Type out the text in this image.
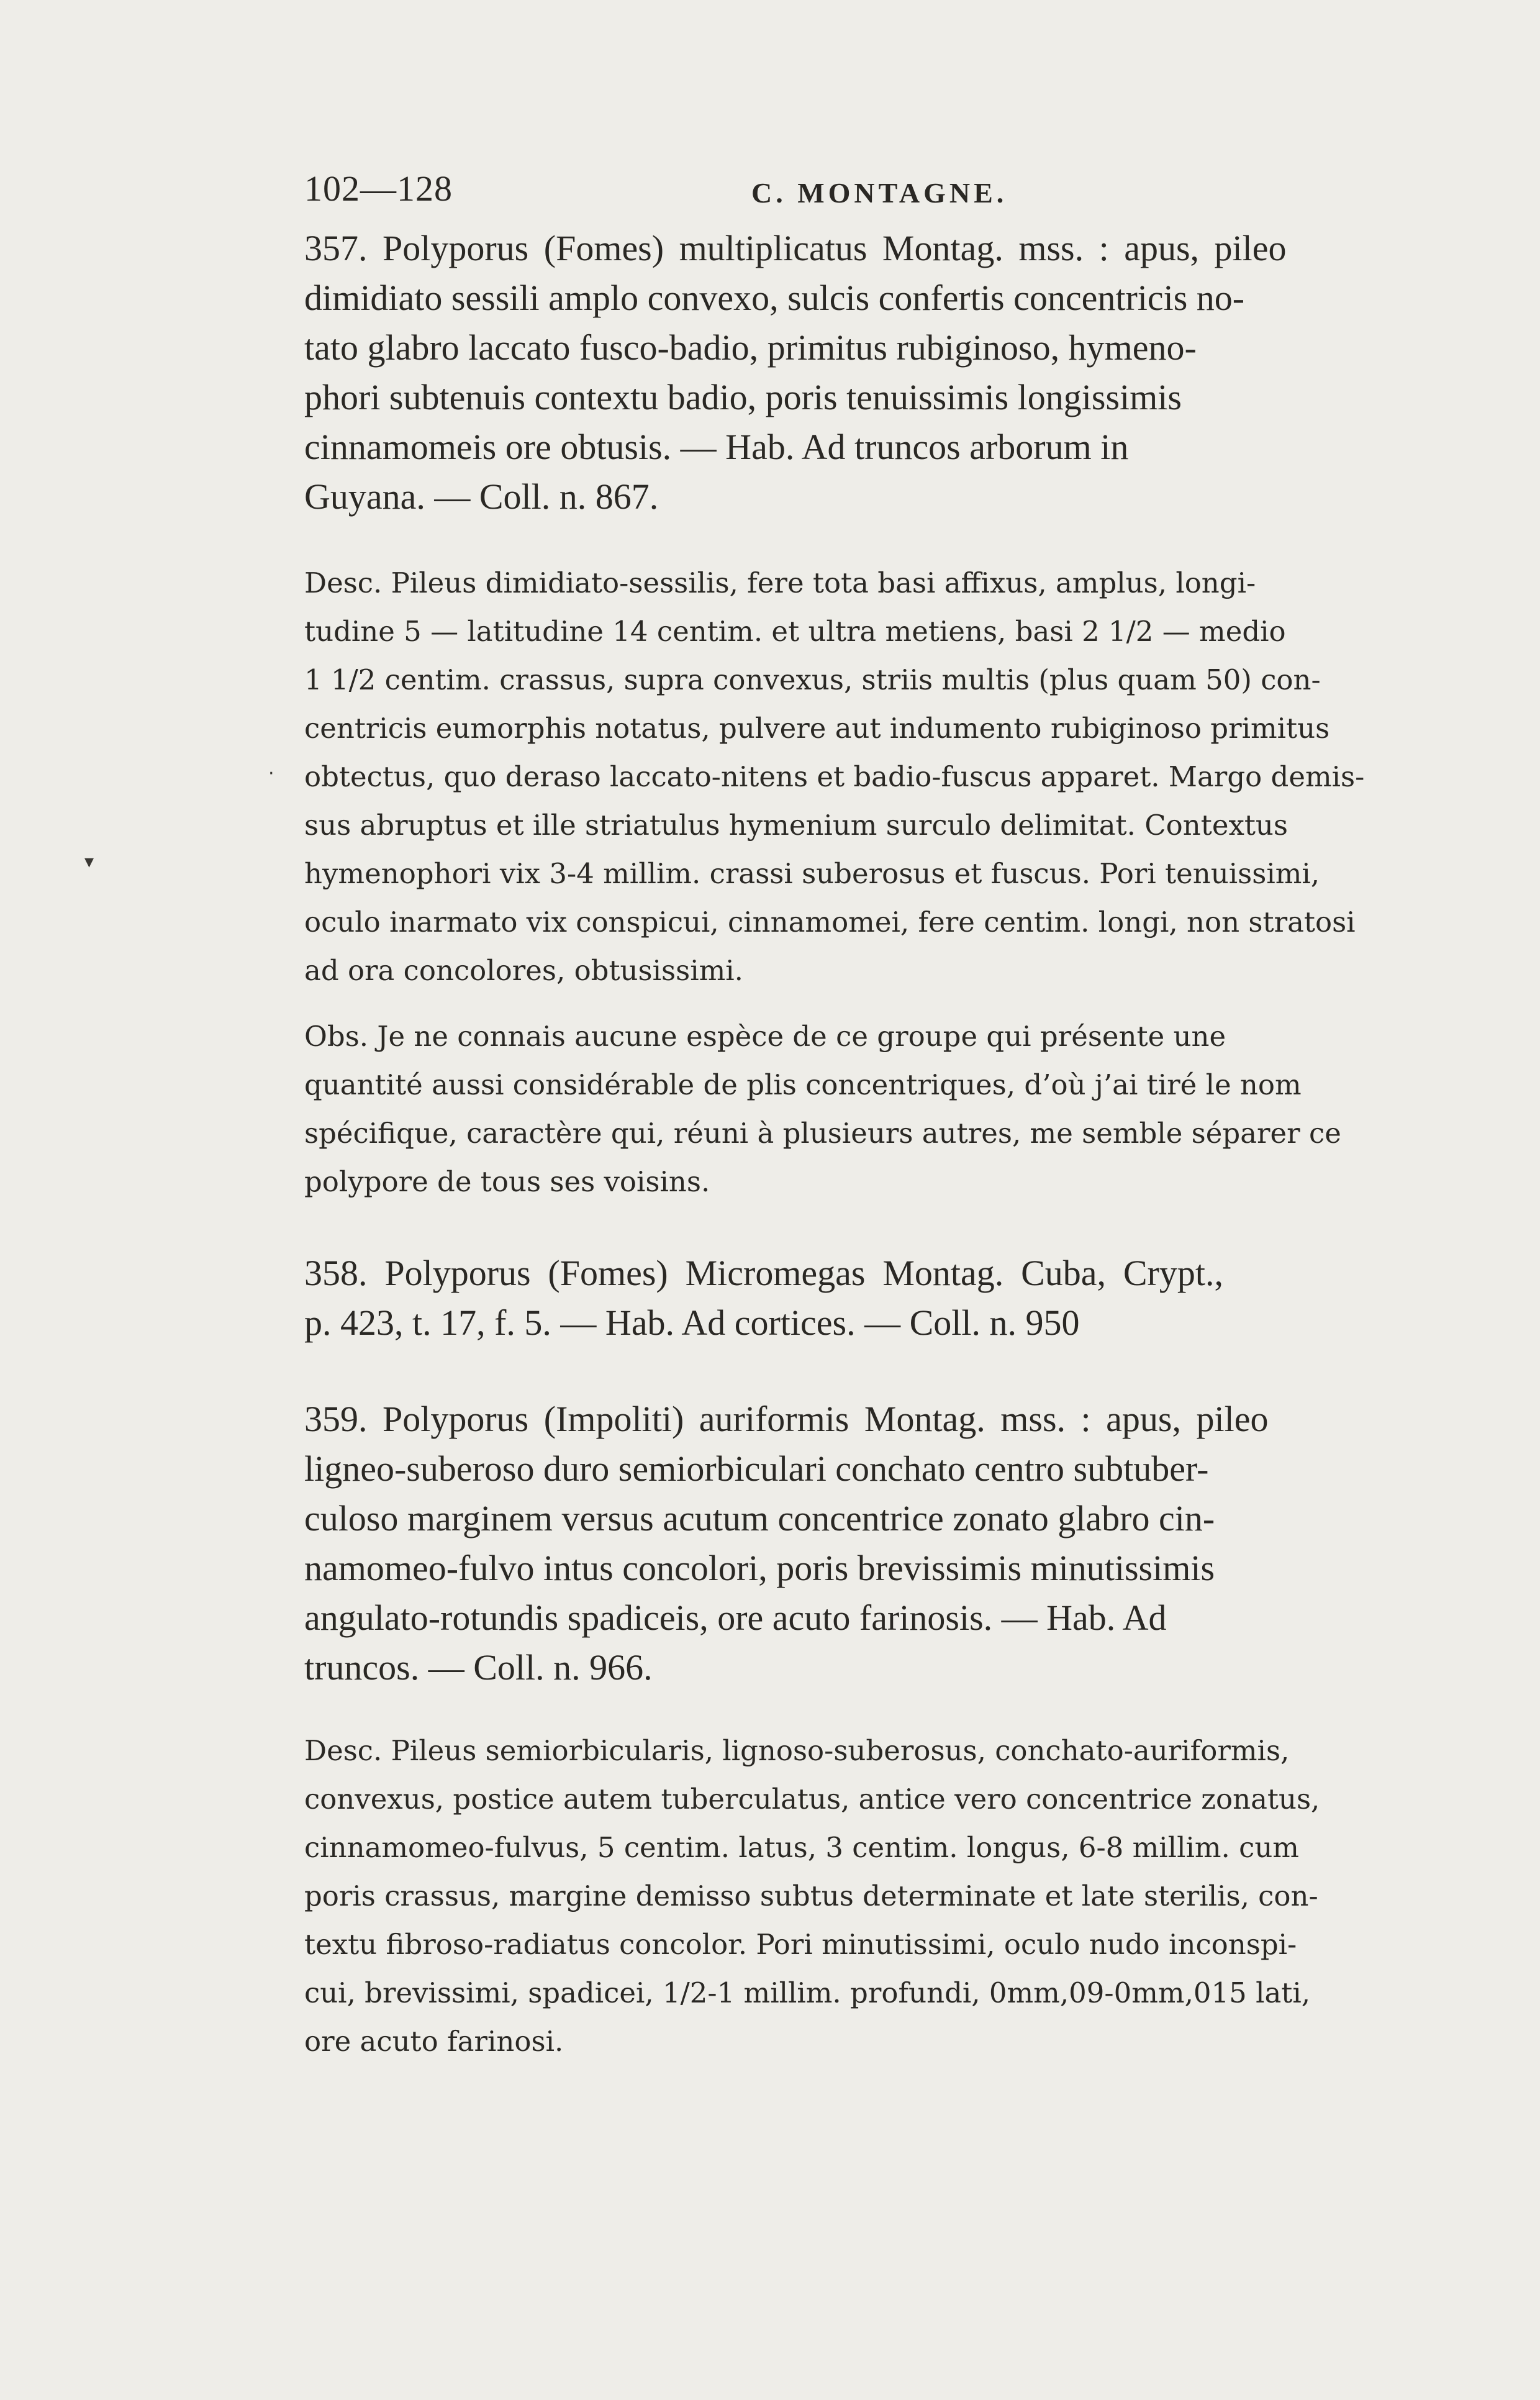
102—128	C. MONTAGNE.

357. Polyporus (Fomes) multiplicatus Montag. mss. : apus, pileo
dimidiato sessili amplo convexo, sulcis confertis concentricis no-
tato glabro laccato fusco-badio, primitus rubiginoso, hymeno-
phori subtenuis contextu badio, poris tenuissimis longissimis
cinnamomeis ore obtusis. — Hab. Ad truncos arborum in
Guyana. — Coll. n. 867.

Desc. Pileus dimidiato-sessilis, fere tota basi affixus, amplus, longi-
tudine 5 — latitudine 14 centim. et ultra metiens, basi 2 1/2 — medio
1 1/2 centim. crassus, supra convexus, striis multis (plus quam 50) con-
centricis eumorphis notatus, pulvere aut indumento rubiginoso primitus
obtectus, quo deraso laccato-nitens et badio-fuscus apparet. Margo demis-
sus abruptus et ille striatulus hymenium surculo delimitat. Contextus
hymenophori vix 3-4 millim. crassi suberosus et fuscus. Pori tenuissimi,
oculo inarmato vix conspicui, cinnamomei, fere centim. longi, non stratosi
ad ora concolores, obtusissimi.

Obs. Je ne connais aucune espèce de ce groupe qui présente une
quantité aussi considérable de plis concentriques, d’où j’ai tiré le nom
spécifique, caractère qui, réuni à plusieurs autres, me semble séparer ce
polypore de tous ses voisins.

358. Polyporus (Fomes) Micromegas Montag. Cuba, Crypt.,
p. 423, t. 17, f. 5. — Hab. Ad cortices. — Coll. n. 950

359. Polyporus (Impoliti) auriformis Montag. mss. : apus, pileo
ligneo-suberoso duro semiorbiculari conchato centro subtuber-
culoso marginem versus acutum concentrice zonato glabro cin-
namomeo-fulvo intus concolori, poris brevissimis minutissimis
angulato-rotundis spadiceis, ore acuto farinosis. — Hab. Ad
truncos. — Coll. n. 966.

Desc. Pileus semiorbicularis, lignoso-suberosus, conchato-auriformis,
convexus, postice autem tuberculatus, antice vero concentrice zonatus,
cinnamomeo-fulvus, 5 centim. latus, 3 centim. longus, 6-8 millim. cum
poris crassus, margine demisso subtus determinate et late sterilis, con-
textu fibroso-radiatus concolor. Pori minutissimi, oculo nudo inconspi-
cui, brevissimi, spadicei, 1/2-1 millim. profundi, 0mm,09-0mm,015 lati,
ore acuto farinosi.

▾
·
